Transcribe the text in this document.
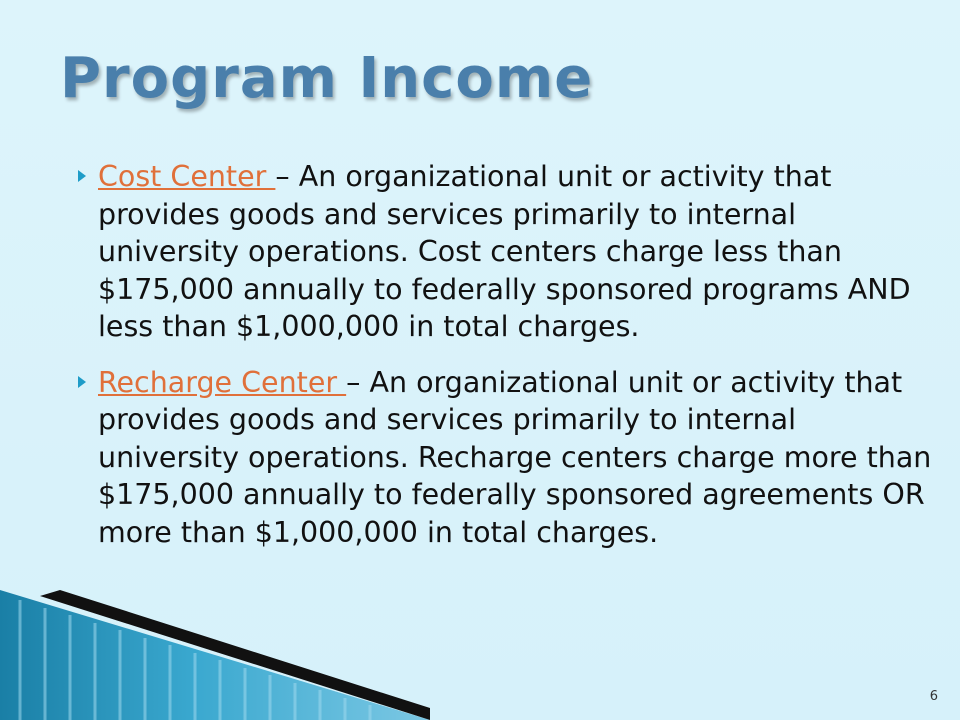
Program Income
Cost Center – An organizational unit or activity that provides goods and services primarily to internal university operations. Cost centers charge less than $175,000 annually to federally sponsored programs AND less than $1,000,000 in total charges.
Recharge Center – An organizational unit or activity that provides goods and services primarily to internal university operations. Recharge centers charge more than $175,000 annually to federally sponsored agreements OR more than $1,000,000 in total charges.
6
